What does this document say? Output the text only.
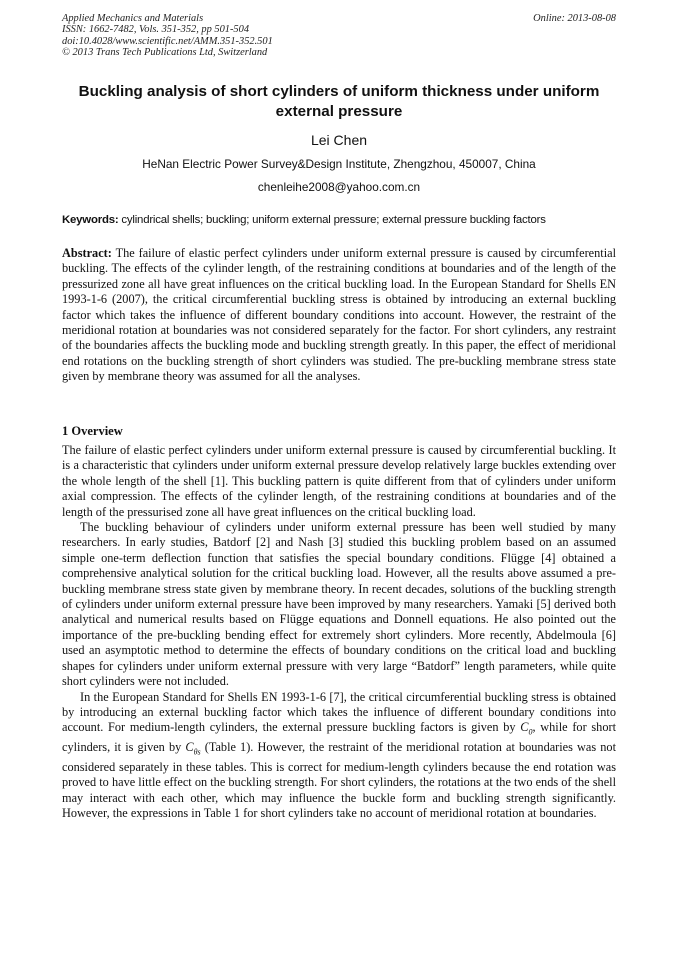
Applied Mechanics and Materials
ISSN: 1662-7482, Vols. 351-352, pp 501-504
doi:10.4028/www.scientific.net/AMM.351-352.501
© 2013 Trans Tech Publications Ltd, Switzerland
Online: 2013-08-08
Buckling analysis of short cylinders of uniform thickness under uniform external pressure
Lei Chen
HeNan Electric Power Survey&Design Institute, Zhengzhou, 450007, China
chenleihe2008@yahoo.com.cn
Keywords: cylindrical shells; buckling; uniform external pressure; external pressure buckling factors
Abstract: The failure of elastic perfect cylinders under uniform external pressure is caused by circumferential buckling. The effects of the cylinder length, of the restraining conditions at boundaries and of the length of the pressurized zone all have great influences on the critical buckling load. In the European Standard for Shells EN 1993-1-6 (2007), the critical circumferential buckling stress is obtained by introducing an external buckling factor which takes the influence of different boundary conditions into account. However, the restraint of the meridional rotation at boundaries was not considered separately for the factor. For short cylinders, any restraint of the boundaries affects the buckling mode and buckling strength greatly. In this paper, the effect of meridional end rotations on the buckling strength of short cylinders was studied. The pre-buckling membrane stress state given by membrane theory was assumed for all the analyses.
1 Overview

The failure of elastic perfect cylinders under uniform external pressure is caused by circumferential buckling. It is a characteristic that cylinders under uniform external pressure develop relatively large buckles extending over the whole length of the shell [1]. This buckling pattern is quite different from that of cylinders under uniform axial compression. The effects of the cylinder length, of the restraining conditions at boundaries and of the length of the pressurised zone all have great influences on the critical buckling load.

The buckling behaviour of cylinders under uniform external pressure has been well studied by many researchers. In early studies, Batdorf [2] and Nash [3] studied this buckling problem based on an assumed simple one-term deflection function that satisfies the special boundary conditions. Flügge [4] obtained a comprehensive analytical solution for the critical buckling load. However, all the results above assumed a pre-buckling membrane stress state given by membrane theory. In recent decades, solutions of the buckling strength of cylinders under uniform external pressure have been improved by many researchers. Yamaki [5] derived both analytical and numerical results based on Flügge equations and Donnell equations. He also pointed out the importance of the pre-buckling bending effect for extremely short cylinders. More recently, Abdelmoula [6] used an asymptotic method to determine the effects of boundary conditions on the critical load and buckling shapes for cylinders under uniform external pressure with very large “Batdorf” length parameters, while quite short cylinders were not included.

In the European Standard for Shells EN 1993-1-6 [7], the critical circumferential buckling stress is obtained by introducing an external buckling factor which takes the influence of different boundary conditions into account. For medium-length cylinders, the external pressure buckling factors is given by $C_0$, while for short cylinders, it is given by $C_{\theta s}$ (Table 1). However, the restraint of the meridional rotation at boundaries was not considered separately in these tables. This is correct for medium-length cylinders because the end rotation was proved to have little effect on the buckling strength. For short cylinders, the rotations at the two ends of the shell may interact with each other, which may influence the buckle form and buckling strength significantly. However, the expressions in Table 1 for short cylinders take no account of meridional rotation at boundaries.
